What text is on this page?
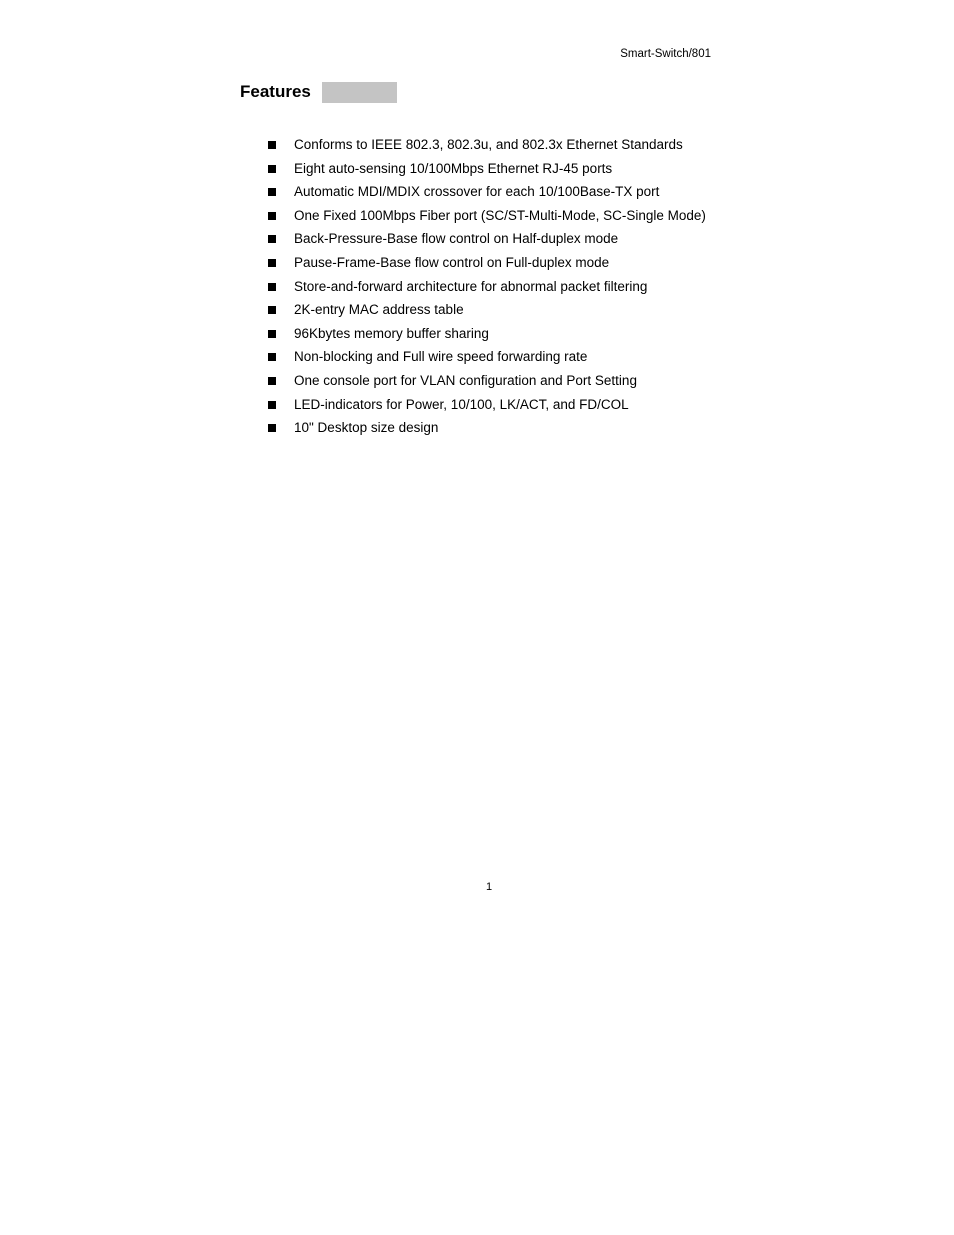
Smart-Switch/801
Features
Conforms to IEEE 802.3, 802.3u, and 802.3x Ethernet Standards
Eight auto-sensing 10/100Mbps Ethernet RJ-45 ports
Automatic MDI/MDIX crossover for each 10/100Base-TX port
One Fixed 100Mbps Fiber port (SC/ST-Multi-Mode, SC-Single Mode)
Back-Pressure-Base flow control on Half-duplex mode
Pause-Frame-Base flow control on Full-duplex mode
Store-and-forward architecture for abnormal packet filtering
2K-entry MAC address table
96Kbytes memory buffer sharing
Non-blocking and Full wire speed forwarding rate
One console port for VLAN configuration and Port Setting
LED-indicators for Power, 10/100, LK/ACT, and FD/COL
10" Desktop size design
1
